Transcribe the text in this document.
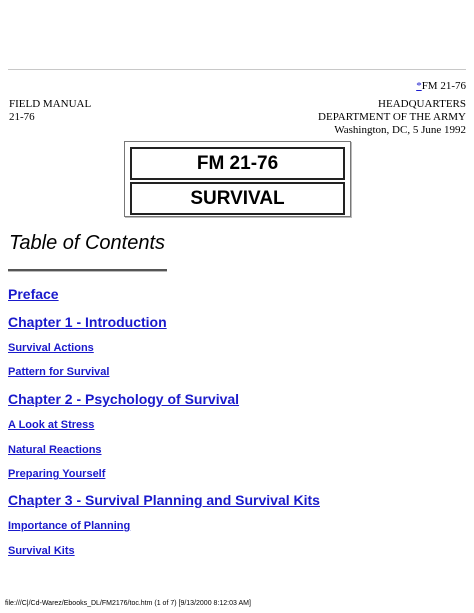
*FM 21-76
FIELD MANUAL
21-76
HEADQUARTERS
DEPARTMENT OF THE ARMY
Washington, DC, 5 June 1992
FM 21-76
SURVIVAL
Table of Contents
Preface
Chapter 1 - Introduction
Survival Actions
Pattern for Survival
Chapter 2 - Psychology of Survival
A Look at Stress
Natural Reactions
Preparing Yourself
Chapter 3 - Survival Planning and Survival Kits
Importance of Planning
Survival Kits
file:///C|/Cd-Warez/Ebooks_DL/FM2176/toc.htm (1 of 7) [9/13/2000 8:12:03 AM]
